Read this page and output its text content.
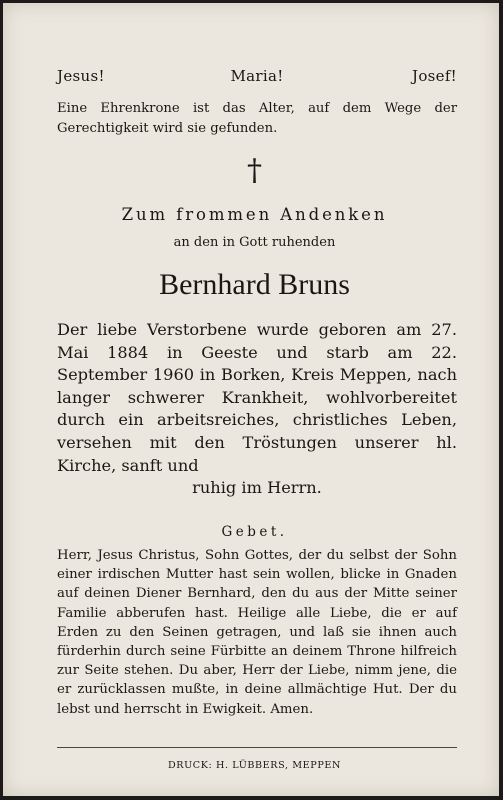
Jesus!	Maria!	Josef!

Eine Ehrenkrone ist das Alter, auf dem Wege der Gerechtigkeit wird sie gefunden.

†
Zum frommen Andenken
an den in Gott ruhenden
Bernhard Bruns

Der liebe Verstorbene wurde geboren am 27. Mai 1884 in Geeste und starb am 22. September 1960 in Borken, Kreis Meppen, nach langer schwerer Krankheit, wohlvorbereitet durch ein arbeitsreiches, christliches Leben, versehen mit den Tröstungen unserer hl. Kirche, sanft und
ruhig im Herrn.

Gebet.

Herr, Jesus Christus, Sohn Gottes, der du selbst der Sohn einer irdischen Mutter hast sein wollen, blicke in Gnaden auf deinen Diener Bernhard, den du aus der Mitte seiner Familie abberufen hast. Heilige alle Liebe, die er auf Erden zu den Seinen getragen, und laß sie ihnen auch fürderhin durch seine Fürbitte an deinem Throne hilfreich zur Seite stehen. Du aber, Herr der Liebe, nimm jene, die er zurücklassen mußte, in deine allmächtige Hut. Der du lebst und herrscht in Ewigkeit. Amen.

DRUCK: H. LÜBBERS, MEPPEN
